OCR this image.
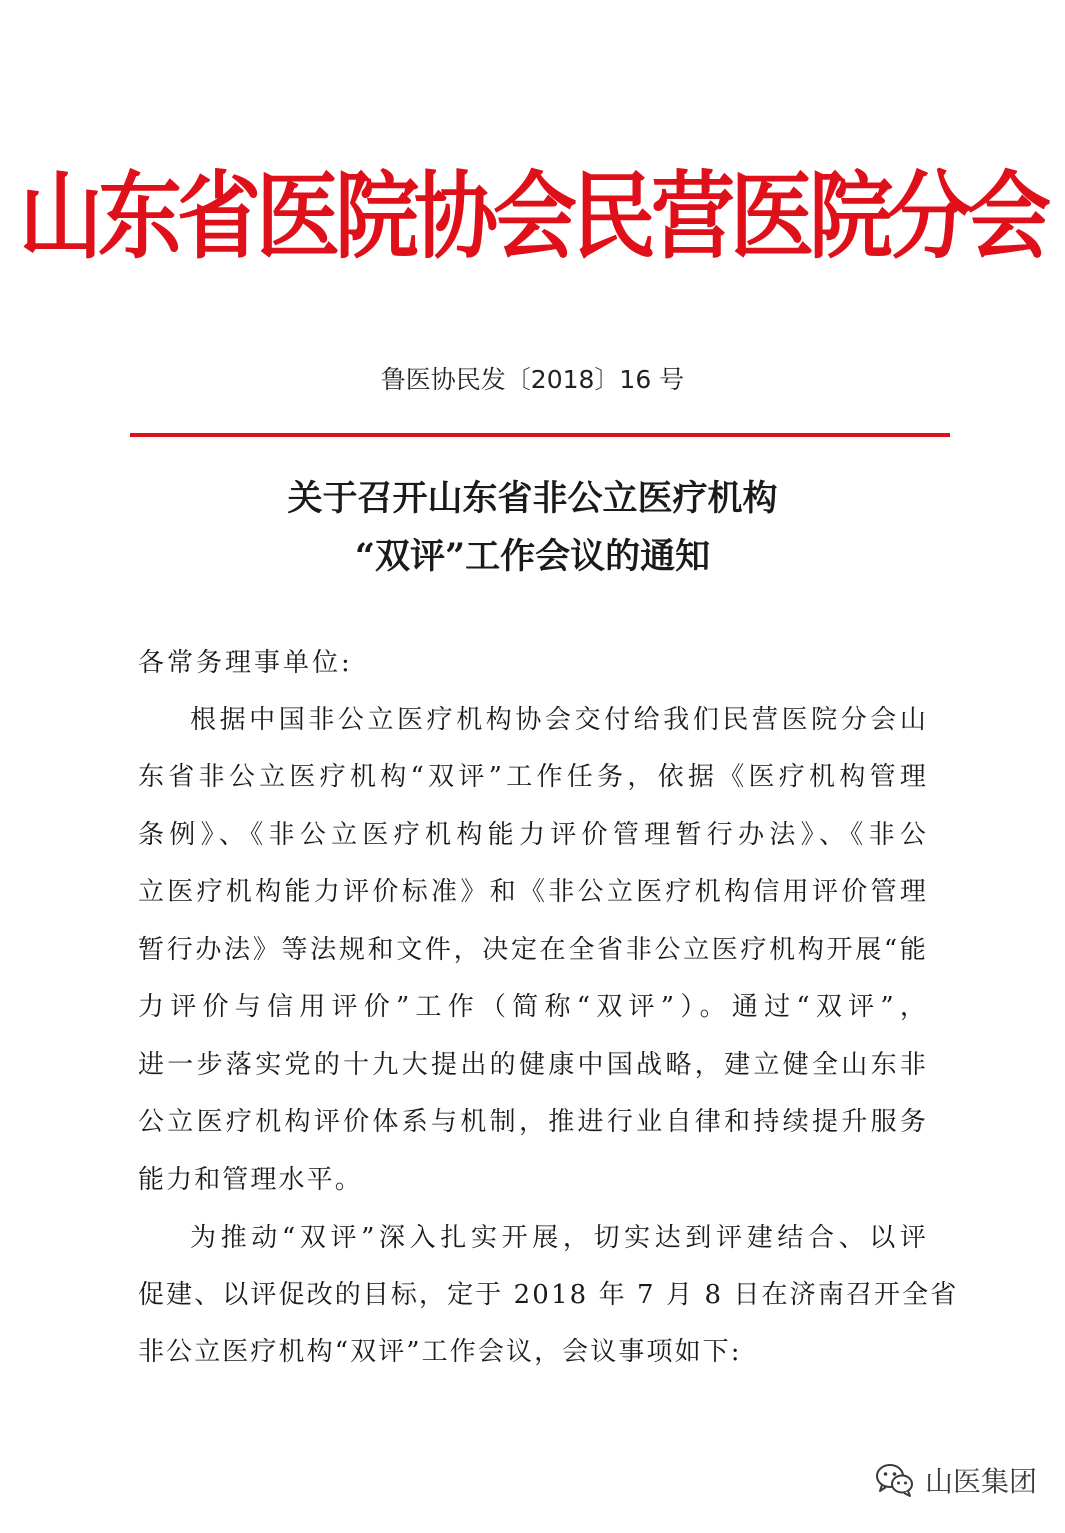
山东省医院协会民营医院分会
鲁医协民发〔2018〕16 号
关于召开山东省非公立医疗机构
“双评”工作会议的通知
各常务理事单位:
根据中国非公立医疗机构协会交付给我们民营医院分会山
东省非公立医疗机构“双评”工作任务，依据《医疗机构管理
条例》、《非公立医疗机构能力评价管理暂行办法》、《非公
立医疗机构能力评价标准》和《非公立医疗机构信用评价管理
暂行办法》等法规和文件，决定在全省非公立医疗机构开展“能
力评价与信用评价”工作（简称“双评”）。通过“双评”，
进一步落实党的十九大提出的健康中国战略，建立健全山东非
公立医疗机构评价体系与机制，推进行业自律和持续提升服务
能力和管理水平。
为推动“双评”深入扎实开展，切实达到评建结合、以评
促建、以评促改的目标，定于 2018 年 7 月 8 日在济南召开全省
非公立医疗机构“双评”工作会议，会议事项如下:
山医集团
